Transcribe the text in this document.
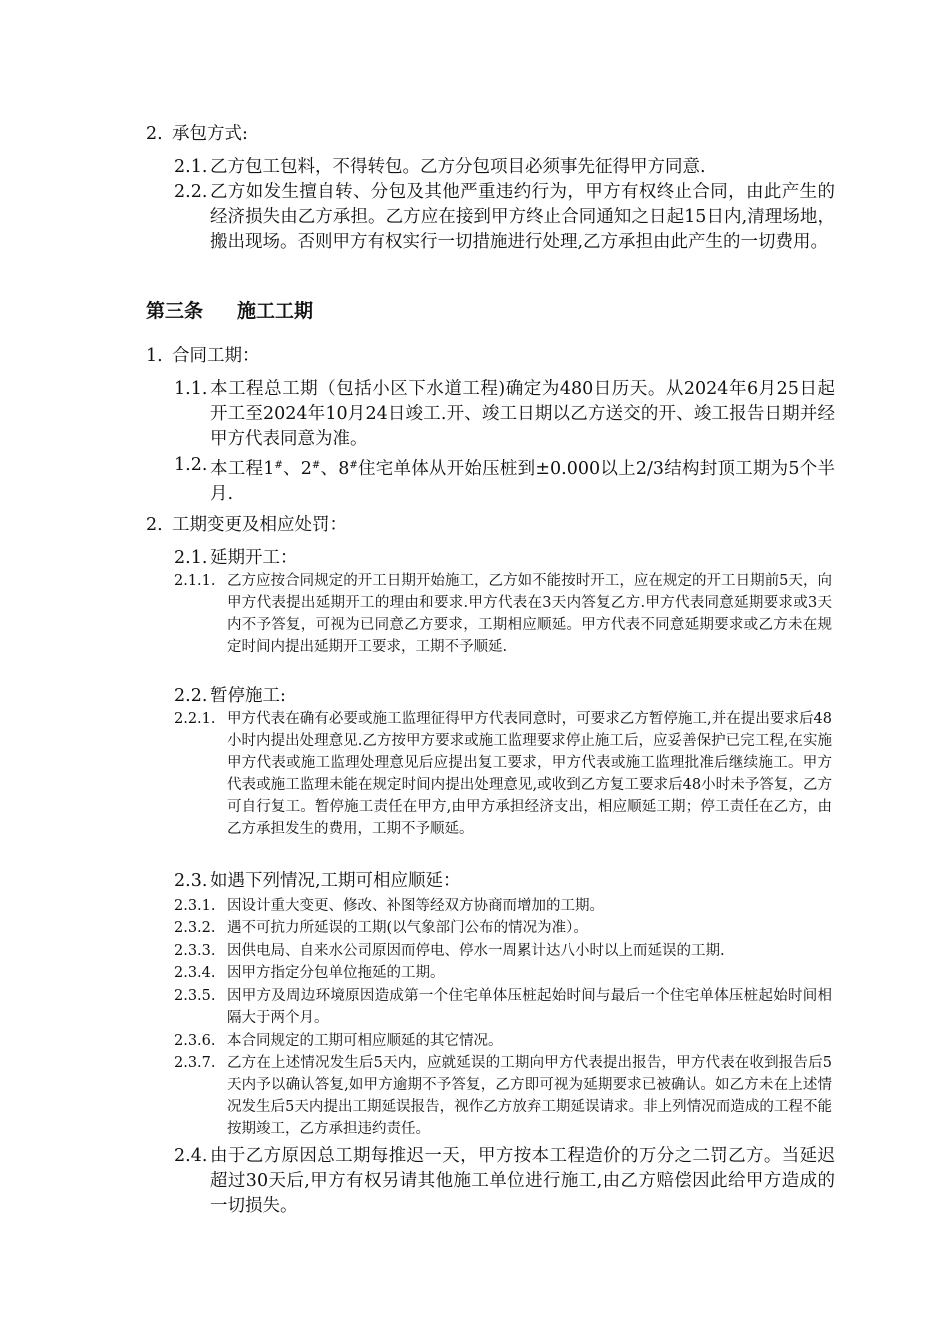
2. 承包方式:
2.1. 乙方包工包料，不得转包。乙方分包项目必须事先征得甲方同意.
2.2. 乙方如发生擅自转、分包及其他严重违约行为，甲方有权终止合同，由此产生的经济损失由乙方承担。乙方应在接到甲方终止合同通知之日起15日内,清理场地，搬出现场。否则甲方有权实行一切措施进行处理,乙方承担由此产生的一切费用。
第三条 施工工期
1. 合同工期：
1.1. 本工程总工期（包括小区下水道工程)确定为480日历天。从2024年6月25日起开工至2024年10月24日竣工.开、竣工日期以乙方送交的开、竣工报告日期并经甲方代表同意为准。
1.2. 本工程1#、2#、8#住宅单体从开始压桩到±0.000以上2/3结构封顶工期为5个半月.
2. 工期变更及相应处罚：
2.1. 延期开工：
2.1.1. 乙方应按合同规定的开工日期开始施工，乙方如不能按时开工，应在规定的开工日期前5天，向甲方代表提出延期开工的理由和要求.甲方代表在3天内答复乙方.甲方代表同意延期要求或3天内不予答复，可视为已同意乙方要求，工期相应顺延。甲方代表不同意延期要求或乙方未在规定时间内提出延期开工要求，工期不予顺延.
2.2. 暂停施工:
2.2.1. 甲方代表在确有必要或施工监理征得甲方代表同意时，可要求乙方暂停施工,并在提出要求后48小时内提出处理意见.乙方按甲方要求或施工监理要求停止施工后，应妥善保护已完工程,在实施甲方代表或施工监理处理意见后应提出复工要求，甲方代表或施工监理批准后继续施工。甲方代表或施工监理未能在规定时间内提出处理意见,或收到乙方复工要求后48小时未予答复，乙方可自行复工。暂停施工责任在甲方,由甲方承担经济支出，相应顺延工期；停工责任在乙方，由乙方承担发生的费用，工期不予顺延。
2.3. 如遇下列情况,工期可相应顺延：
2.3.1. 因设计重大变更、修改、补图等经双方协商而增加的工期。
2.3.2. 遇不可抗力所延误的工期(以气象部门公布的情况为准）。
2.3.3. 因供电局、自来水公司原因而停电、停水一周累计达八小时以上而延误的工期.
2.3.4. 因甲方指定分包单位拖延的工期。
2.3.5. 因甲方及周边环境原因造成第一个住宅单体压桩起始时间与最后一个住宅单体压桩起始时间相隔大于两个月。
2.3.6. 本合同规定的工期可相应顺延的其它情况。
2.3.7. 乙方在上述情况发生后5天内，应就延误的工期向甲方代表提出报告，甲方代表在收到报告后5天内予以确认答复,如甲方逾期不予答复，乙方即可视为延期要求已被确认。如乙方未在上述情况发生后5天内提出工期延误报告，视作乙方放弃工期延误请求。非上列情况而造成的工程不能按期竣工，乙方承担违约责任。
2.4. 由于乙方原因总工期每推迟一天，甲方按本工程造价的万分之二罚乙方。当延迟超过30天后,甲方有权另请其他施工单位进行施工,由乙方赔偿因此给甲方造成的一切损失。
